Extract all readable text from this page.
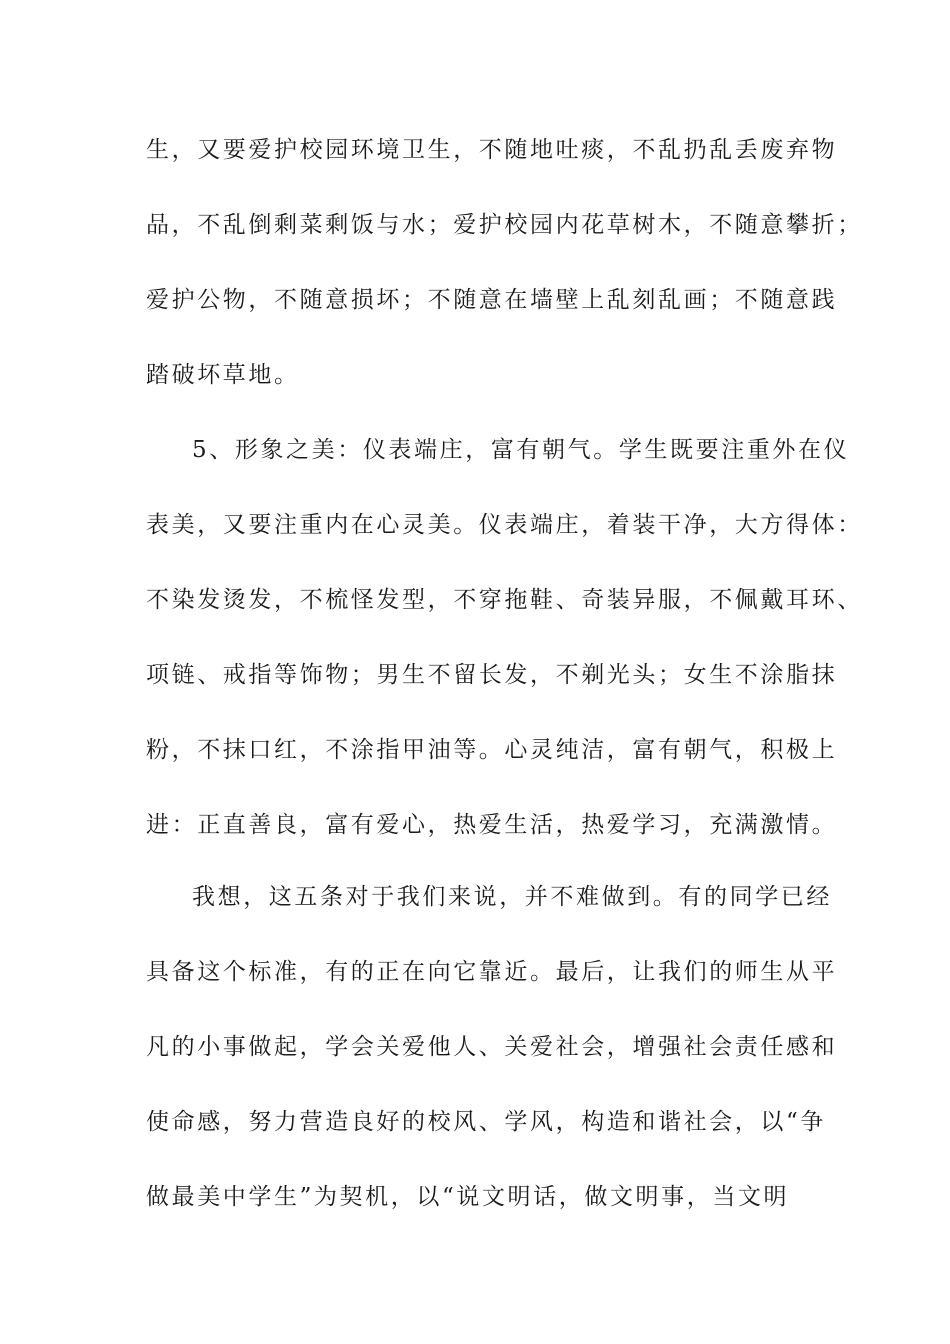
生，又要爱护校园环境卫生，不随地吐痰，不乱扔乱丢废弃物

品，不乱倒剩菜剩饭与水；爱护校园内花草树木，不随意攀折；

爱护公物，不随意损坏；不随意在墙壁上乱刻乱画；不随意践

踏破坏草地。

5、形象之美：仪表端庄，富有朝气。学生既要注重外在仪

表美，又要注重内在心灵美。仪表端庄，着装干净，大方得体：

不染发烫发，不梳怪发型，不穿拖鞋、奇装异服，不佩戴耳环、

项链、戒指等饰物；男生不留长发，不剃光头；女生不涂脂抹

粉，不抹口红，不涂指甲油等。心灵纯洁，富有朝气，积极上

进：正直善良，富有爱心，热爱生活，热爱学习，充满激情。

我想，这五条对于我们来说，并不难做到。有的同学已经

具备这个标准，有的正在向它靠近。最后，让我们的师生从平

凡的小事做起，学会关爱他人、关爱社会，增强社会责任感和

使命感，努力营造良好的校风、学风，构造和谐社会，以“争

做最美中学生”为契机，以“说文明话，做文明事，当文明
